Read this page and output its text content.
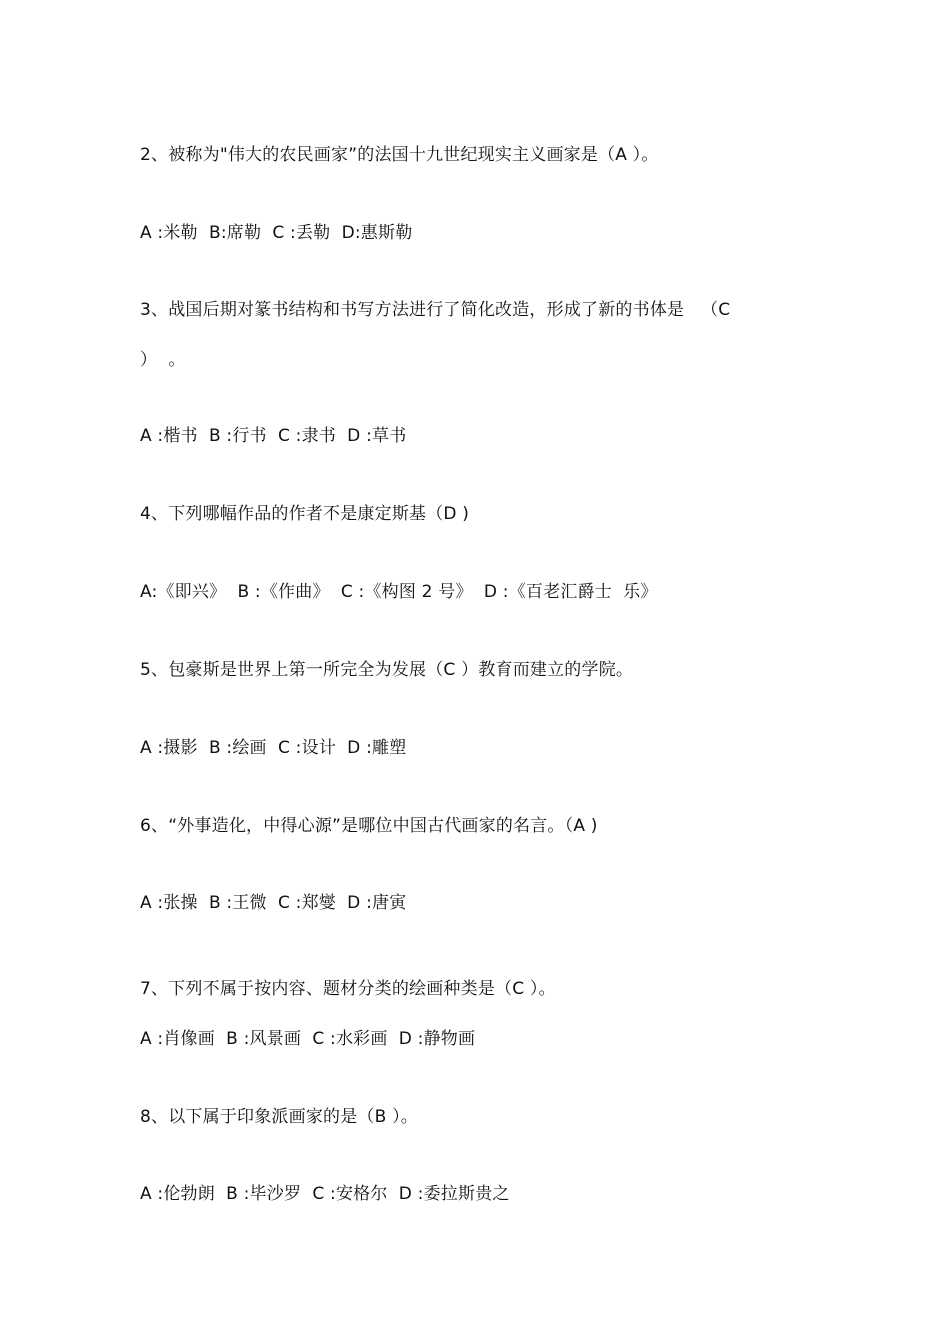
2、被称为"伟大的农民画家”的法国十九世纪现实主义画家是（A ）。
A :米勒  B:席勒  C :丢勒  D:惠斯勒
3、战国后期对篆书结构和书写方法进行了简化改造，形成了新的书体是   （C
）  。
A :楷书  B :行书  C :隶书  D :草书
4、下列哪幅作品的作者不是康定斯基（D )
A:《即兴》  B :《作曲》  C :《构图 2 号》  D :《百老汇爵士  乐》
5、包豪斯是世界上第一所完全为发展（C ）教育而建立的学院。
A :摄影  B :绘画  C :设计  D :雕塑
6、“外事造化，中得心源”是哪位中国古代画家的名言。（A )
A :张操  B :王微  C :郑燮  D :唐寅
7、下列不属于按内容、题材分类的绘画种类是（C ）。
A :肖像画  B :风景画  C :水彩画  D :静物画
8、以下属于印象派画家的是（B ）。
A :伦勃朗  B :毕沙罗  C :安格尔  D :委拉斯贵之
